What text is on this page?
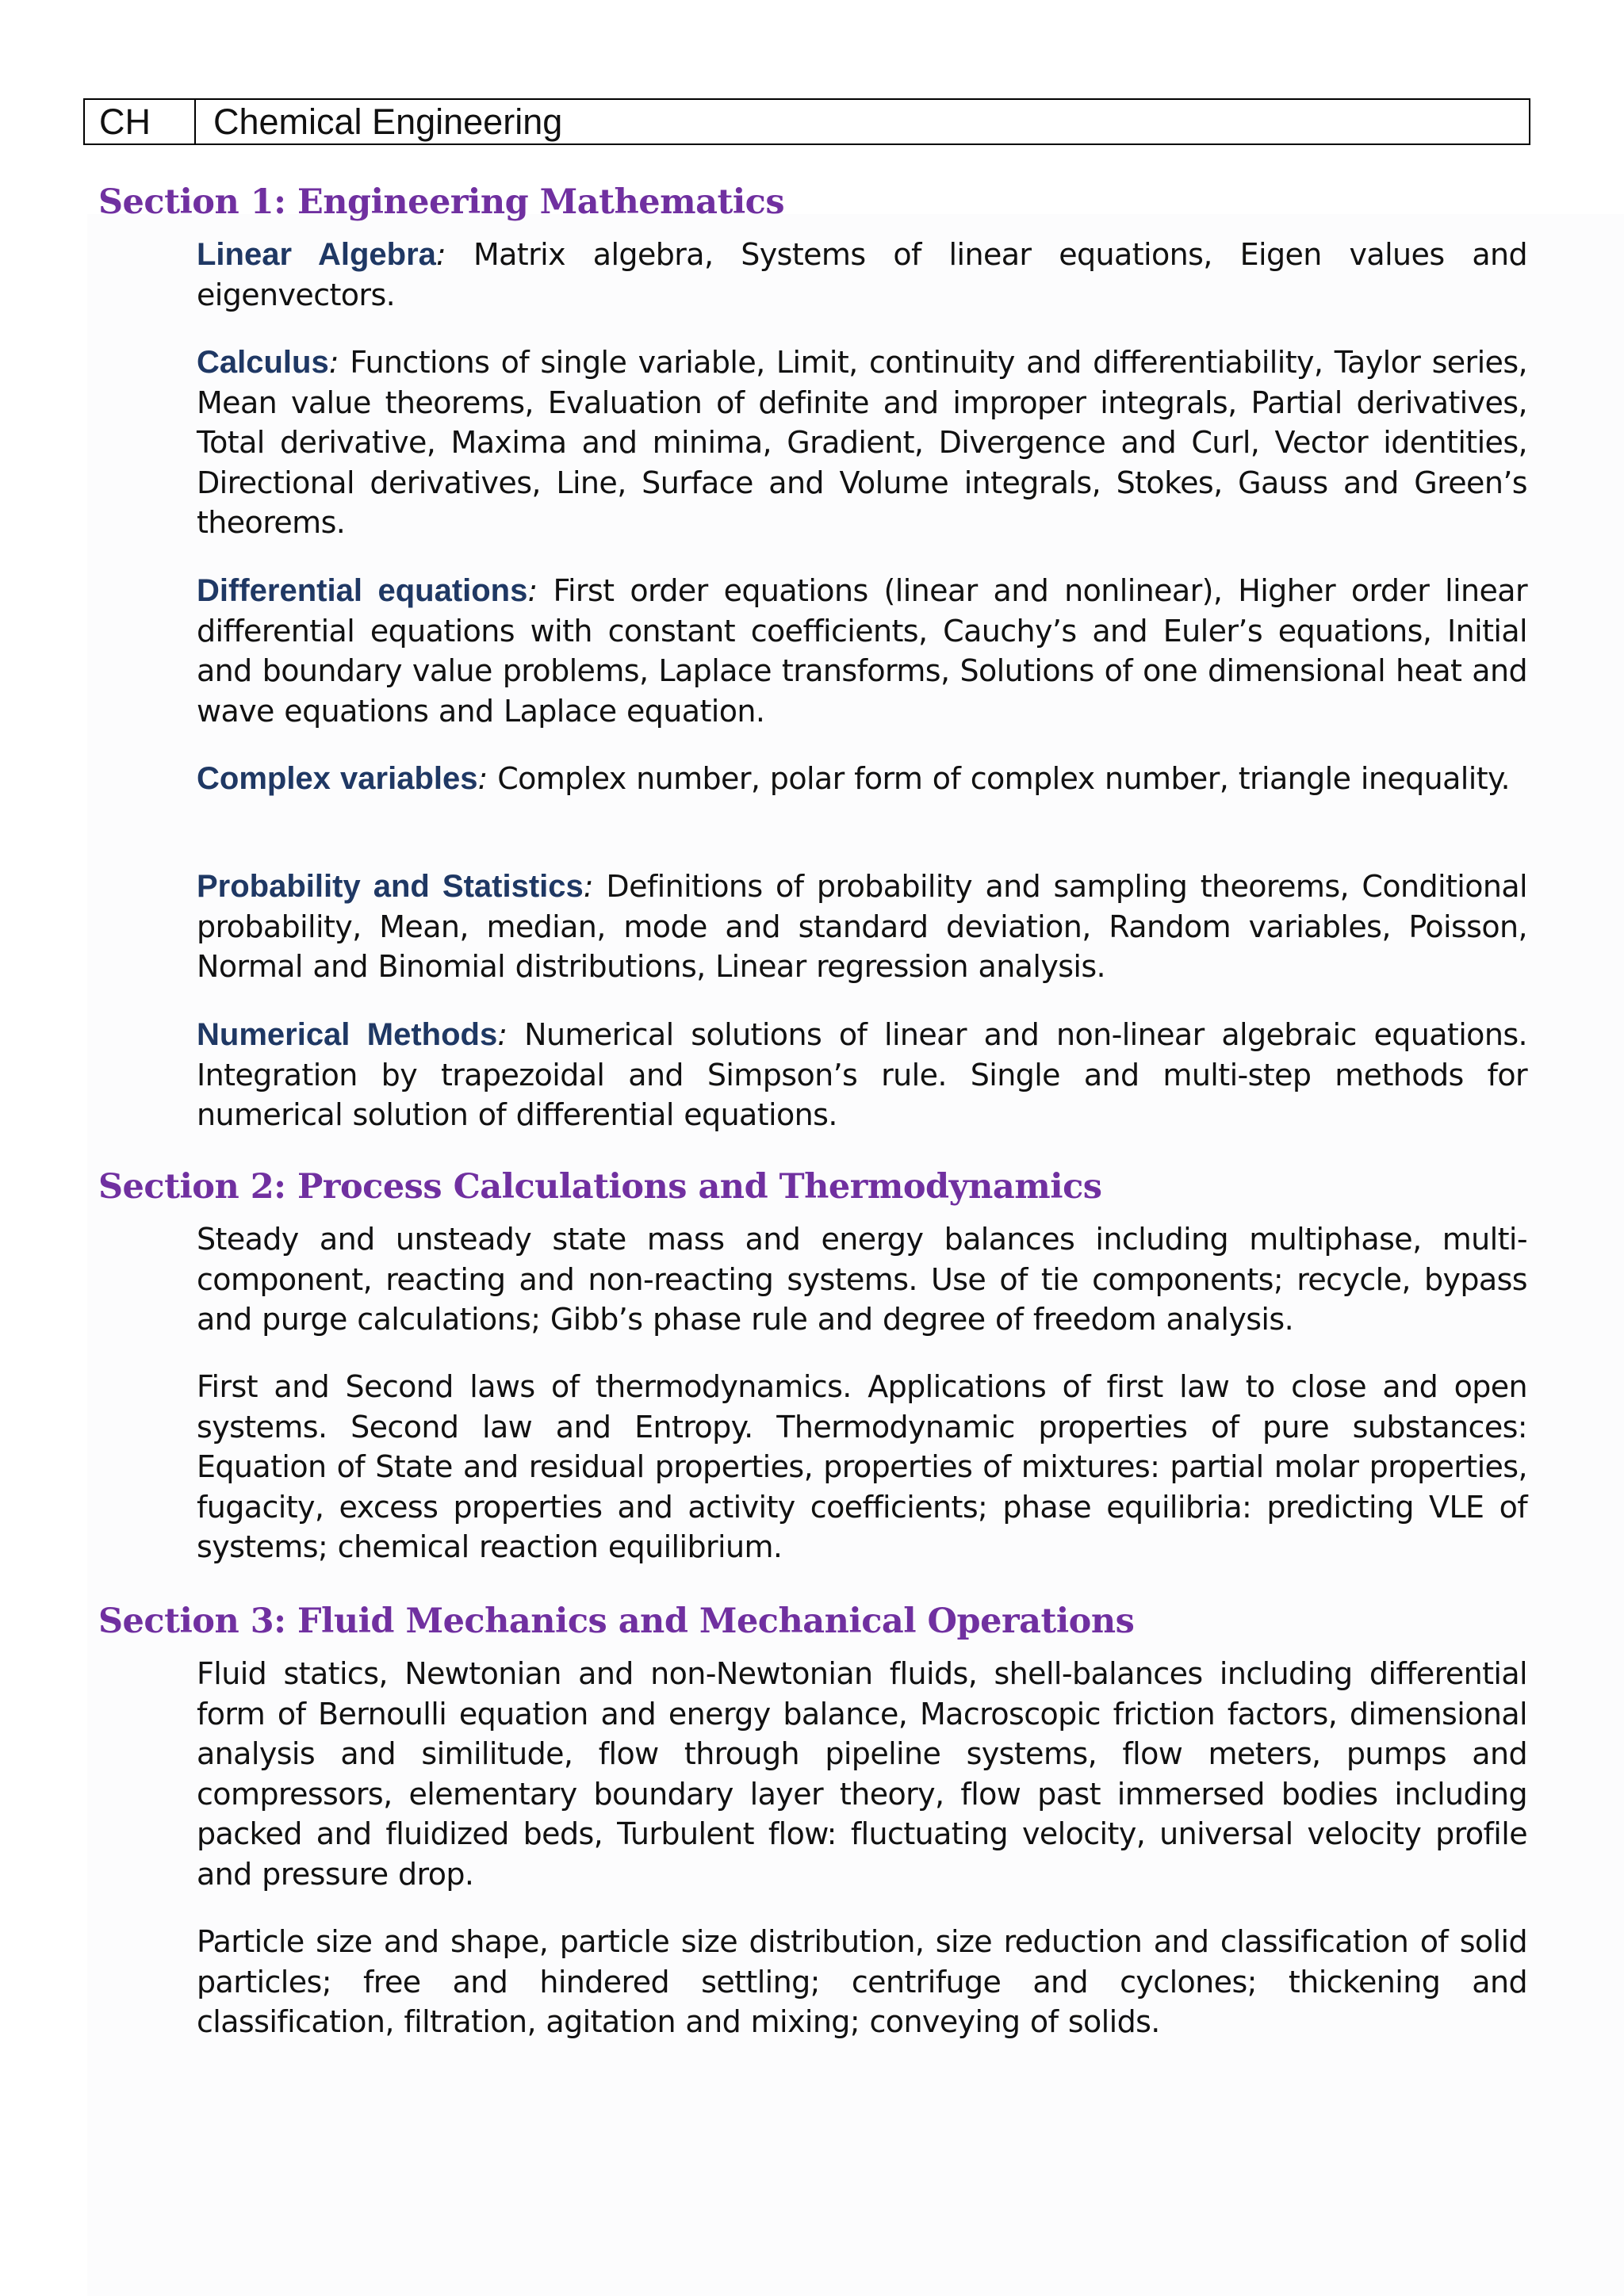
CH	Chemical Engineering
Section 1: Engineering Mathematics

Linear Algebra: Matrix algebra, Systems of linear equations, Eigen values and eigenvectors.

Calculus: Functions of single variable, Limit, continuity and differentiability, Taylor series, Mean value theorems, Evaluation of definite and improper integrals, Partial derivatives, Total derivative, Maxima and minima, Gradient, Divergence and Curl, Vector identities, Directional derivatives, Line, Surface and Volume integrals, Stokes, Gauss and Green’s theorems.

Differential equations: First order equations (linear and nonlinear), Higher order linear differential equations with constant coefficients, Cauchy’s and Euler’s equations, Initial and boundary value problems, Laplace transforms, Solutions of one dimensional heat and wave equations and Laplace equation.

Complex variables: Complex number, polar form of complex number, triangle inequality.

Probability and Statistics: Definitions of probability and sampling theorems, Conditional probability, Mean, median, mode and standard deviation, Random variables, Poisson, Normal and Binomial distributions, Linear regression analysis.

Numerical Methods: Numerical solutions of linear and non-linear algebraic equations. Integration by trapezoidal and Simpson’s rule. Single and multi-step methods for numerical solution of differential equations.

Section 2: Process Calculations and Thermodynamics

Steady and unsteady state mass and energy balances including multiphase, multi-component, reacting and non-reacting systems. Use of tie components; recycle, bypass and purge calculations; Gibb’s phase rule and degree of freedom analysis.

First and Second laws of thermodynamics. Applications of first law to close and open systems. Second law and Entropy. Thermodynamic properties of pure substances: Equation of State and residual properties, properties of mixtures: partial molar properties, fugacity, excess properties and activity coefficients; phase equilibria: predicting VLE of systems; chemical reaction equilibrium.

Section 3: Fluid Mechanics and Mechanical Operations

Fluid statics, Newtonian and non-Newtonian fluids, shell-balances including differential form of Bernoulli equation and energy balance, Macroscopic friction factors, dimensional analysis and similitude, flow through pipeline systems, flow meters, pumps and compressors, elementary boundary layer theory, flow past immersed bodies including packed and fluidized beds, Turbulent flow: fluctuating velocity, universal velocity profile and pressure drop.

Particle size and shape, particle size distribution, size reduction and classification of solid particles; free and hindered settling; centrifuge and cyclones; thickening and classification, filtration, agitation and mixing; conveying of solids.
